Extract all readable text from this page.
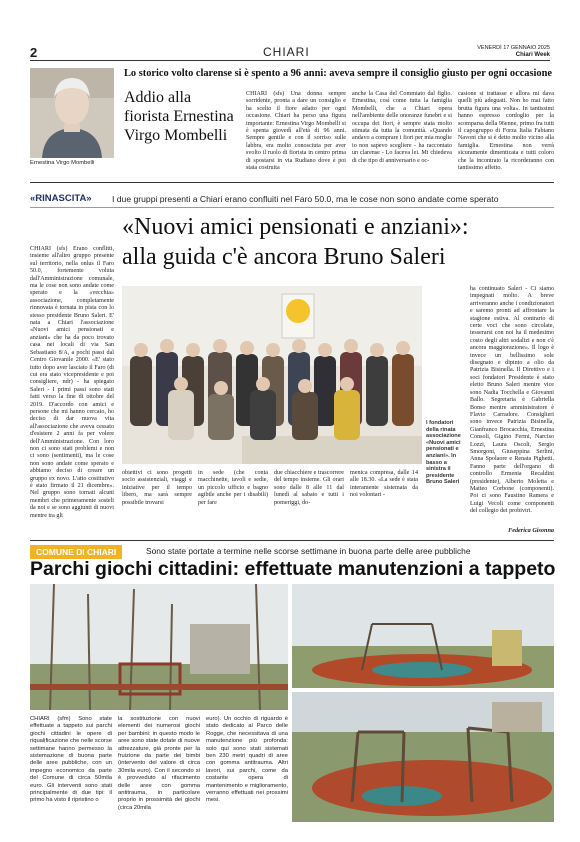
2	CHIARI	VENERDÌ 17 GENNAIO 2025
Chiari Week
Ernestina Virgo Mombelli
Lo storico volto clarense si è spento a 96 anni: aveva sempre il consiglio giusto per ogni occasione
Addio alla fiorista Ernestina Virgo Mombelli
CHIARI (sfs) Una donna sempre sorridente, pronta a dare un consiglio e ha scelto il fiore adatto per ogni occasione. Chiari ha perso una figura importante: Ernestina Virgo Mombelli si è spenta giovedì all'età di 96 anni. Sempre gentile e con il sorriso sulle labbra, era molto conosciuta per aver svolto il ruolo di fiorista in centro prima di spostarsi in via Rudiano dove è poi stata costruita
anche la Casa del Commiato dal figlio. Ernestina, così come tutta la famiglia Mombelli, che a Chiari opera nell'ambiente delle onoranze funebri e si occupa dei fiori, è sempre stata molto stimata da tutta la comunità. «Quando andavo a comprare i fiori per mia moglie io non sapevo scegliere - ha raccontato un clarense - Lo faceva lei. Mi chiedeva di che tipo di anniversario e oc-
casione si trattasse e allora mi dava quelli più adeguati. Non ho mai fatto brutta figura una volta». In tantissimi hanno espresso cordoglio per la scomparsa della 96enne, primo fra tutti il capogruppo di Forza Italia Fabiano Navoni che si è detto molto vicino alla famiglia. Ernestina non verrà sicuramente dimenticata e tutti coloro che la incontrato la ricorderanno con tantissimo affetto.
«RINASCITA» I due gruppi presenti a Chiari erano confluiti nel Faro 50.0, ma le cose non sono andate come sperato
«Nuovi amici pensionati e anziani»:
alla guida c'è ancora Bruno Saleri
CHIARI (sfs) Erano conflitti, insieme all'altro gruppo presente sul territorio, nella onlus il Faro 50.0, fortemente voluta dall'Amministrazione comunale, ma le cose non sono andate come sperato e la «vecchia» associazione, completamente rinnovata è tornata in pista con lo stesso presidente Bruno Saleri. E' nata a Chiari l'associazione «Nuovi amici pensionati e anziani» che ha da poco trovato casa nei locali di via San Sebastiano 8/A, a pochi passi dal Centro Giovanile 2000. «E' stato tutto dopo aver lasciato il Faro (di cui era stato vicepresidente e poi consigliere, ndr) - ha spiegato Saleri - I primi passi sono stati fatti verso la fine di ottobre del 2019. D'accordo con amici e persone che mi hanno cercato, ho deciso di dar nuova vita all'associazione che aveva cessato d'esistere 2 anni fa per volere dell'Amministrazione. Con loro non ci sono stati problemi e non ci sono (sentimenti), ma le cose non sono andate come sperato e abbiamo deciso di creare un gruppo ex novo. L'atto costitutivo è stato firmato il 21 dicembre». Nel gruppo sono tornati alcuni membri che primeramente sosteli da noi e se sono aggiunti di nuovi mentre tra gli
I fondatori della rinata associazione «Nuovi amici pensionati e anziani». In basso a sinistra il presidente Bruno Saleri
obiettivi ci sono progetti socio assistenziali, viaggi e iniziative per il tempo libero, ma sarà sempre possibile trovarsi
in sede (che conta macchinette, tavoli e sedie, un piccolo ufficio e bagno agibile anche per i disabili) per fare
due chiacchiere e trascorrere del tempo insieme. Gli orari sono dalle 8 alle 11 dal lunedì al sabato e tutti i pomeriggi, do-
menica compresa, dalle 14 alle 18.30. «La sede è stata interamente sistemata da noi volontari -
ha continuato Saleri - Ci siamo impegnati molto. A breve arriveranno anche i condizionatori e saremo pronti ad affrontare la stagione estiva. Al contrario di certe voci che sono circolate, tesserarsi con noi ha il medesimo costo degli altri sodalizi e non c'è ancora maggiorazione». Il logo è invece un bellissimo sole disegnato e dipinto a olio da Patrizia Bisinella. Il Direttivo e i soci fondatori Presidente è stato eletto Bruno Saleri mentre vice sono Nadia Tocchella e Giovanni Ballo. Segretaria è Gabriella Bonso mentre amministratore è Flavio Carradore. Consiglieri sono invece Patrizia Bisinella, Gianfranco Brocacchia, Ernestina Consoli, Gigino Fermi, Narciso Lozzi, Laura Oscoli, Sergio Smorgoni, Giuseppina Serlini, Anna Spolaore e Renata Pighetti. Fanno parte dell'organo di controllo Ermenia Recaldini (presidente), Alberto Moletta e Matteo Corbone (componenti). Poi ci sono Faustino Ramera e Luigi Vecoli come componenti del collegio dei probiviri.
Federica Gisonna
COMUNE DI CHIARI	Sono state portate a termine nelle scorse settimane in buona parte delle aree pubbliche
Parchi giochi cittadini: effettuate manutenzioni a tappeto
CHIARI (sfm) Sono state effettuate a tappeto sui parchi giochi cittadini le opere di riqualificazione che nelle scorse settimane hanno permesso la sistemazione di buona parte delle aree pubbliche, con un impegno economico da parte del Comune di circa 50mila euro. Gli interventi sono stati principalmente di due tipi: il primo ha visto il ripristino o
la sostituzione con nuovi elementi dei numerosi giochi per bambini: in questo modo le aree sono state dotate di nuove attrezzature, già pronte per la fruizione da parte dei bimbi (intervento del valore di circa 30mila euro). Con il secondo si è provveduto al rifacimento delle aree con gomma antitrauma, in particolare proprio in prossimità dei giochi (circa 20mila
euro). Un occhio di riguardo è stato dedicato al Parco delle Rogge, che necessitava di una manutenzione più profonda: solo qui sono stati sistemati ben 230 metri quadri di aree con gomma antitrauma. Altri lavori, sui parchi, come da costante opera di mantenimento e miglioramento, verranno effettuati nei prossimi mesi.
